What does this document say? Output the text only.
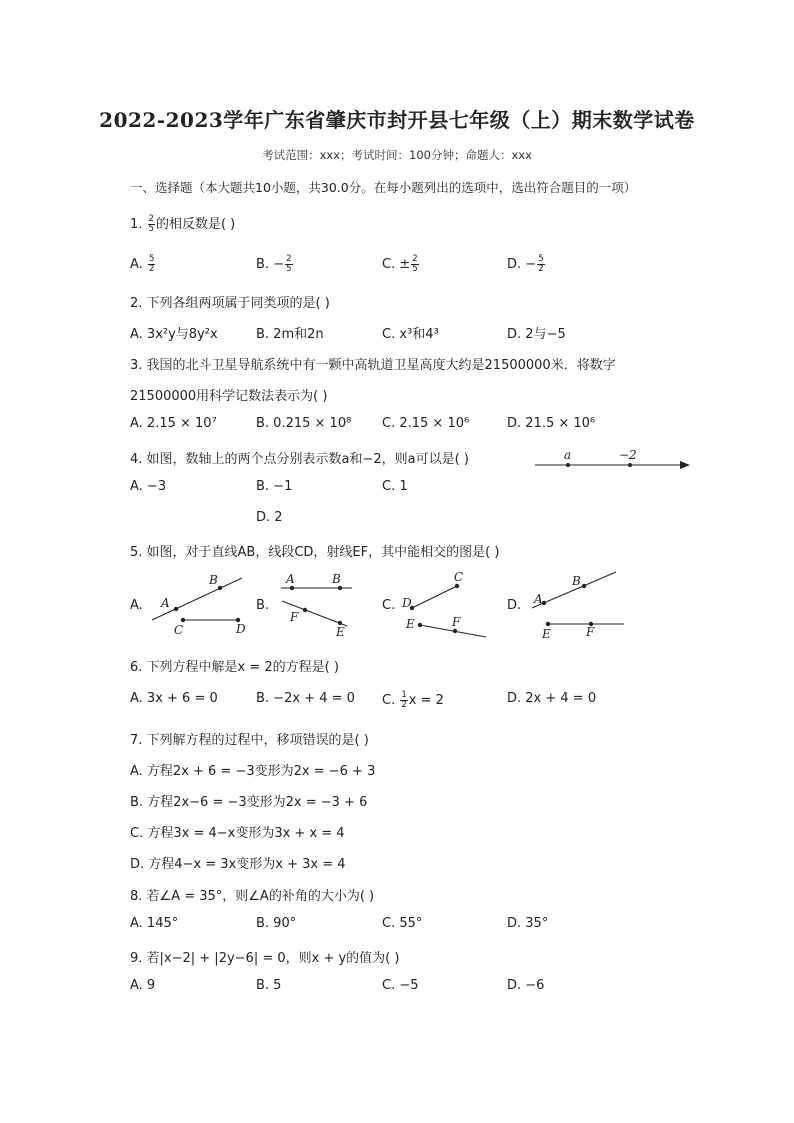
2022-2023学年广东省肇庆市封开县七年级（上）期末数学试卷
考试范围：xxx；考试时间：100分钟；命题人：xxx
一、选择题（本大题共10小题，共30.0分。在每小题列出的选项中，选出符合题目的一项）
1. $\frac{2}{5}$ 的相反数是( )
A. $\frac{5}{2}$	B. − $\frac{2}{5}$	C. ± $\frac{2}{5}$	D. − $\frac{5}{2}$
2. 下列各组两项属于同类项的是( )
A. 3x²y与8y²x	B. 2m和2n	C. x³和4³	D. 2与−5
3. 我国的北斗卫星导航系统中有一颗中高轨道卫星高度大约是21500000米．将数字
21500000用科学记数法表示为( )
A. 2.15 × 10⁷	B. 0.215 × 10⁸ C. 2.15 × 10⁶	D. 21.5 × 10⁶
4. 如图，数轴上的两个点分别表示数a和−2，则a可以是( )	a	−2
A. −3	B. −1	C. 1
D. 2
5. 如图，对于直线AB，线段CD，射线EF，其中能相交的图是( )
A.	B.	C.	D.
A
B
C	D
A	B
F
E
C
D
E	F
A
B
E	F
6. 下列方程中解是x = 2的方程是( )
A. 3x + 6 = 0	B. −2x + 4 = 0 C. $\frac{1}{2}$ x = 2	D. 2x + 4 = 0
7. 下列解方程的过程中，移项错误的是( )
A. 方程2x + 6 = −3变形为2x = −6 + 3
B. 方程2x−6 = −3变形为2x = −3 + 6
C. 方程3x = 4−x变形为3x + x = 4
D. 方程4−x = 3x变形为x + 3x = 4
8. 若∠A = 35°，则∠A的补角的大小为( )
A. 145°	B. 90°	C. 55°	D. 35°
9. 若|x−2| + |2y−6| = 0，则x + y的值为( )
A. 9	B. 5	C. −5	D. −6
